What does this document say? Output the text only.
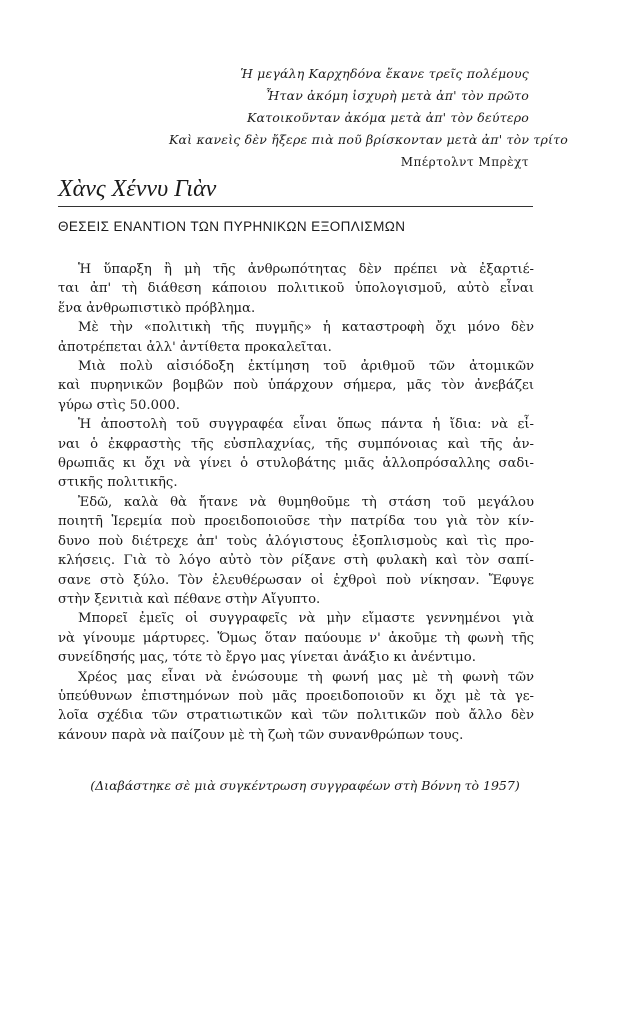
Ἡ μεγάλη Καρχηδόνα ἔκανε τρεῖς πολέμους
Ἦταν ἀκόμη ἰσχυρὴ μετὰ ἀπ' τὸν πρῶτο
Κατοικοῦνταν ἀκόμα μετὰ ἀπ' τὸν δεύτερο
Καὶ κανεὶς δὲν ἤξερε πιὰ ποῦ βρίσκονταν μετὰ ἀπ' τὸν τρίτο
Μπέρτολντ Μπρὲχτ
Χὰνς Χέννυ Γιὰν
ΘΕΣΕΙΣ ΕΝΑΝΤΙΟΝ ΤΩΝ ΠΥΡΗΝΙΚΩΝ ΕΞΟΠΛΙΣΜΩΝ

Ἡ ὕπαρξη ἢ μὴ τῆς ἀνθρωπότητας δὲν πρέπει νὰ ἐξαρτιέ-
ται ἀπ' τὴ διάθεση κάποιου πολιτικοῦ ὑπολογισμοῦ, αὐτὸ εἶναι
ἕνα ἀνθρωπιστικὸ πρόβλημα.

Μὲ τὴν «πολιτικὴ τῆς πυγμῆς» ἡ καταστροφὴ ὄχι μόνο δὲν
ἀποτρέπεται ἀλλ' ἀντίθετα προκαλεῖται.

Μιὰ πολὺ αἰσιόδοξη ἐκτίμηση τοῦ ἀριθμοῦ τῶν ἀτομικῶν
καὶ πυρηνικῶν βομβῶν ποὺ ὑπάρχουν σήμερα, μᾶς τὸν ἀνεβάζει
γύρω στὶς 50.000.

Ἡ ἀποστολὴ τοῦ συγγραφέα εἶναι ὅπως πάντα ἡ ἴδια: νὰ εἶ-
ναι ὁ ἐκφραστὴς τῆς εὐσπλαχνίας, τῆς συμπόνοιας καὶ τῆς ἀν-
θρωπιᾶς κι ὄχι νὰ γίνει ὁ στυλοβάτης μιᾶς ἀλλοπρόσαλλης σαδι-
στικῆς πολιτικῆς.

Ἐδῶ, καλὰ θὰ ἤτανε νὰ θυμηθοῦμε τὴ στάση τοῦ μεγάλου
ποιητῆ Ἱερεμία ποὺ προειδοποιοῦσε τὴν πατρίδα του γιὰ τὸν κίν-
δυνο ποὺ διέτρεχε ἀπ' τοὺς ἀλόγιστους ἐξοπλισμοὺς καὶ τὶς προ-
κλήσεις. Γιὰ τὸ λόγο αὐτὸ τὸν ρίξανε στὴ φυλακὴ καὶ τὸν σαπί-
σανε στὸ ξύλο. Τὸν ἐλευθέρωσαν οἱ ἐχθροὶ ποὺ νίκησαν. Ἔφυγε
στὴν ξενιτιὰ καὶ πέθανε στὴν Αἴγυπτο.

Μπορεῖ ἐμεῖς οἱ συγγραφεῖς νὰ μὴν εἴμαστε γεννημένοι γιὰ
νὰ γίνουμε μάρτυρες. Ὅμως ὅταν παύουμε ν' ἀκοῦμε τὴ φωνὴ τῆς
συνείδησής μας, τότε τὸ ἔργο μας γίνεται ἀνάξιο κι ἀνέντιμο.

Χρέος μας εἶναι νὰ ἑνώσουμε τὴ φωνή μας μὲ τὴ φωνὴ τῶν
ὑπεύθυνων ἐπιστημόνων ποὺ μᾶς προειδοποιοῦν κι ὄχι μὲ τὰ γε-
λοῖα σχέδια τῶν στρατιωτικῶν καὶ τῶν πολιτικῶν ποὺ ἄλλο δὲν
κάνουν παρὰ νὰ παίζουν μὲ τὴ ζωὴ τῶν συνανθρώπων τους.

(Διαβάστηκε σὲ μιὰ συγκέντρωση συγγραφέων στὴ Βόννη τὸ 1957)
